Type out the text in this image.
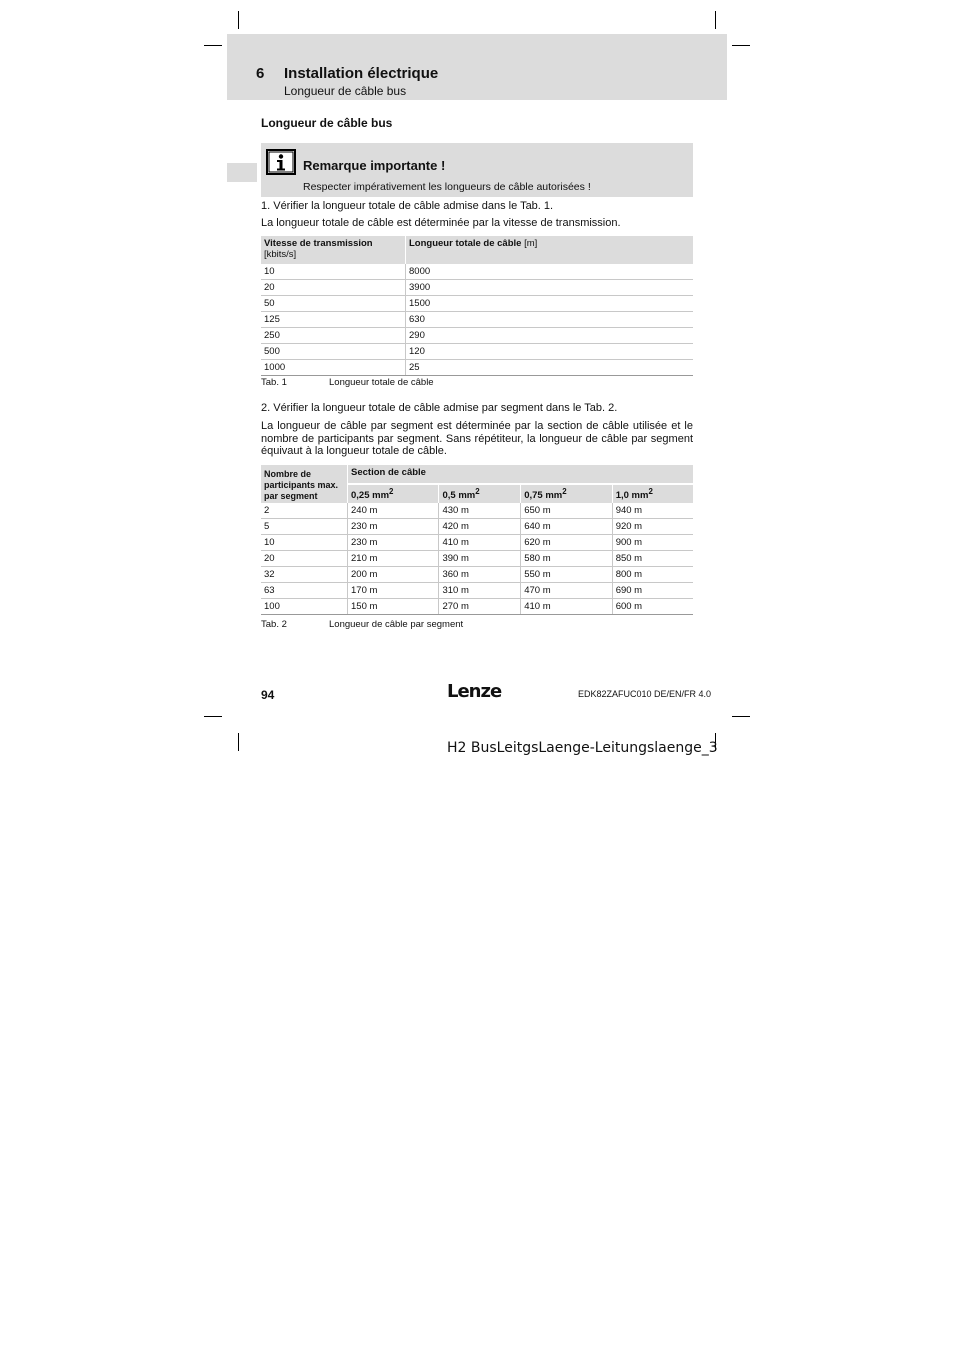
6 Installation électrique
Longueur de câble bus
Longueur de câble bus
Remarque importante !
Respecter impérativement les longueurs de câble autorisées !
1. Vérifier la longueur totale de câble admise dans le Tab. 1.
La longueur totale de câble est déterminée par la vitesse de transmission.
Vitesse de transmission
[kbits/s]	Longueur totale de câble [m]
10	8000
20	3900
50	1500
125	630
250	290
500	120
1000	25
Tab. 1	Longueur totale de câble
2. Vérifier la longueur totale de câble admise par segment dans le Tab. 2.
La longueur de câble par segment est déterminée par la section de câble utilisée et le nombre de participants par segment. Sans répétiteur, la longueur de câble par segment équivaut à la longueur totale de câble.
Nombre de participants max. par segment	Section de câble			
	0,25 $mm^2$	0,5 $mm^2$	0,75 $mm^2$	1,0 $mm^2$
2	240 m	430 m	650 m	940 m
5	230 m	420 m	640 m	920 m
10	230 m	410 m	620 m	900 m
20	210 m	390 m	580 m	850 m
32	200 m	360 m	550 m	800 m
63	170 m	310 m	470 m	690 m
100	150 m	270 m	410 m	600 m
Tab. 2	Longueur de câble par segment
94	Lenze	EDK82ZAFUC010 DE/EN/FR 4.0
H2 BusLeitgsLaenge-Leitungslaenge_3
